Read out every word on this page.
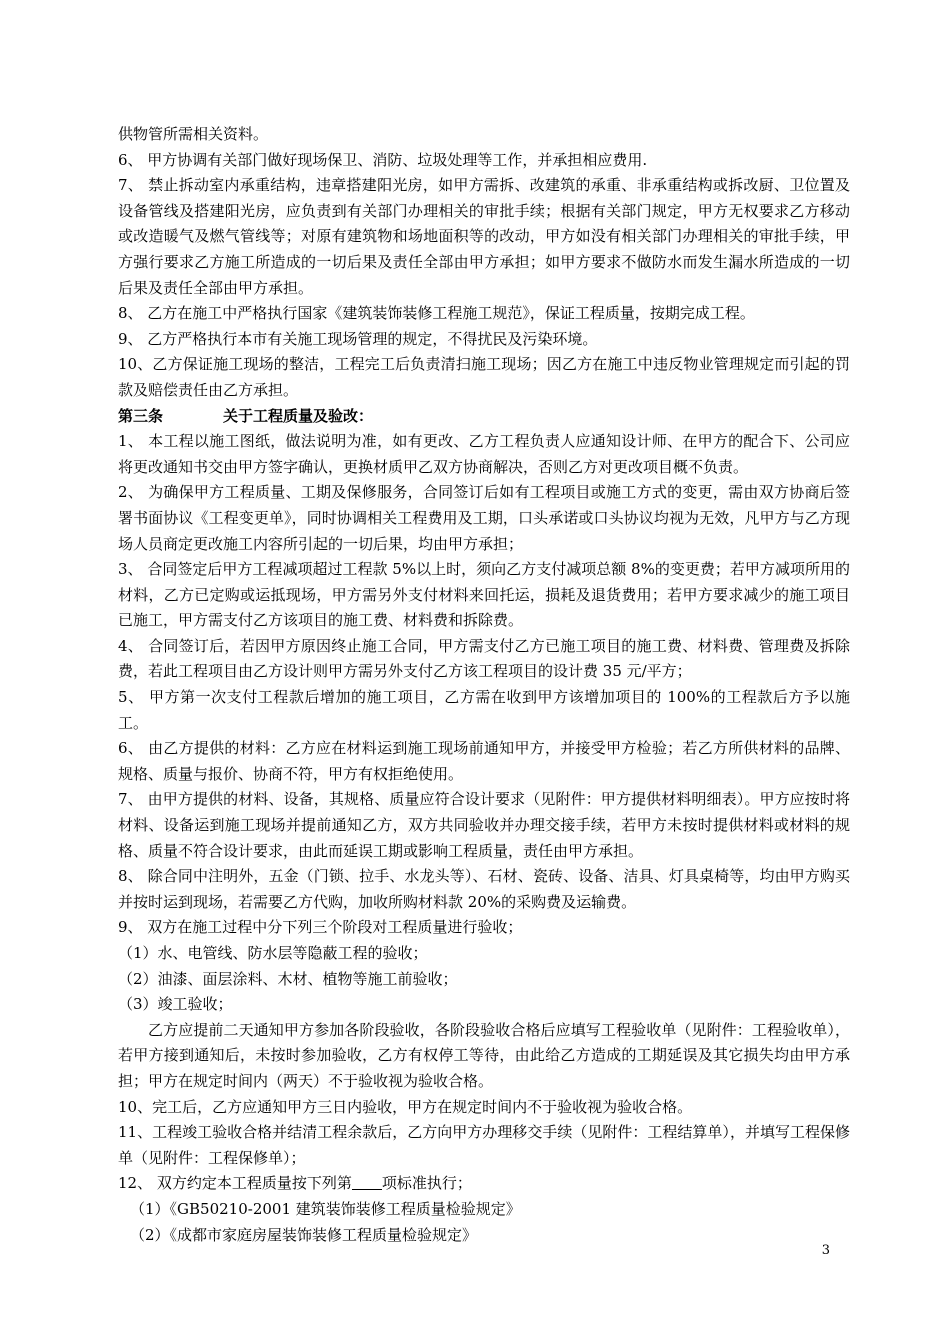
供物管所需相关资料。

6、 甲方协调有关部门做好现场保卫、消防、垃圾处理等工作，并承担相应费用.

7、 禁止拆动室内承重结构，违章搭建阳光房，如甲方需拆、改建筑的承重、非承重结构或拆改厨、卫位置及设备管线及搭建阳光房，应负责到有关部门办理相关的审批手续；根据有关部门规定，甲方无权要求乙方移动或改造暖气及燃气管线等；对原有建筑物和场地面积等的改动，甲方如没有相关部门办理相关的审批手续，甲方强行要求乙方施工所造成的一切后果及责任全部由甲方承担；如甲方要求不做防水而发生漏水所造成的一切后果及责任全部由甲方承担。

8、 乙方在施工中严格执行国家《建筑装饰装修工程施工规范》，保证工程质量，按期完成工程。

9、 乙方严格执行本市有关施工现场管理的规定，不得扰民及污染环境。

10、乙方保证施工现场的整洁，工程完工后负责清扫施工现场；因乙方在施工中违反物业管理规定而引起的罚款及赔偿责任由乙方承担。

第三条	关于工程质量及验改：

1、 本工程以施工图纸，做法说明为准，如有更改、乙方工程负责人应通知设计师、在甲方的配合下、公司应将更改通知书交由甲方签字确认，更换材质甲乙双方协商解决，否则乙方对更改项目概不负责。

2、 为确保甲方工程质量、工期及保修服务，合同签订后如有工程项目或施工方式的变更，需由双方协商后签署书面协议《工程变更单》，同时协调相关工程费用及工期，口头承诺或口头协议均视为无效，凡甲方与乙方现场人员商定更改施工内容所引起的一切后果，均由甲方承担；

3、 合同签定后甲方工程减项超过工程款 5%以上时，须向乙方支付减项总额 8%的变更费；若甲方减项所用的材料，乙方已定购或运抵现场，甲方需另外支付材料来回托运，损耗及退货费用；若甲方要求减少的施工项目已施工，甲方需支付乙方该项目的施工费、材料费和拆除费。

4、 合同签订后，若因甲方原因终止施工合同，甲方需支付乙方已施工项目的施工费、材料费、管理费及拆除费，若此工程项目由乙方设计则甲方需另外支付乙方该工程项目的设计费 35 元/平方；

5、 甲方第一次支付工程款后增加的施工项目，乙方需在收到甲方该增加项目的 100%的工程款后方予以施工。

6、 由乙方提供的材料：乙方应在材料运到施工现场前通知甲方，并接受甲方检验；若乙方所供材料的品牌、规格、质量与报价、协商不符，甲方有权拒绝使用。

7、 由甲方提供的材料、设备，其规格、质量应符合设计要求（见附件：甲方提供材料明细表）。甲方应按时将材料、设备运到施工现场并提前通知乙方，双方共同验收并办理交接手续，若甲方未按时提供材料或材料的规格、质量不符合设计要求，由此而延误工期或影响工程质量，责任由甲方承担。

8、 除合同中注明外，五金（门锁、拉手、水龙头等）、石材、瓷砖、设备、洁具、灯具桌椅等，均由甲方购买并按时运到现场，若需要乙方代购，加收所购材料款 20%的采购费及运输费。

9、 双方在施工过程中分下列三个阶段对工程质量进行验收；

（1）水、电管线、防水层等隐蔽工程的验收；

（2）油漆、面层涂料、木材、植物等施工前验收；

（3）竣工验收；

乙方应提前二天通知甲方参加各阶段验收，各阶段验收合格后应填写工程验收单（见附件：工程验收单），若甲方接到通知后，未按时参加验收，乙方有权停工等待，由此给乙方造成的工期延误及其它损失均由甲方承担；甲方在规定时间内（两天）不于验收视为验收合格。

10、完工后，乙方应通知甲方三日内验收，甲方在规定时间内不于验收视为验收合格。

11、工程竣工验收合格并结清工程余款后，乙方向甲方办理移交手续（见附件：工程结算单），并填写工程保修单（见附件：工程保修单）；

12、 双方约定本工程质量按下列第 项标准执行；

（1）《GB50210-2001 建筑装饰装修工程质量检验规定》

（2）《成都市家庭房屋装饰装修工程质量检验规定》

3
